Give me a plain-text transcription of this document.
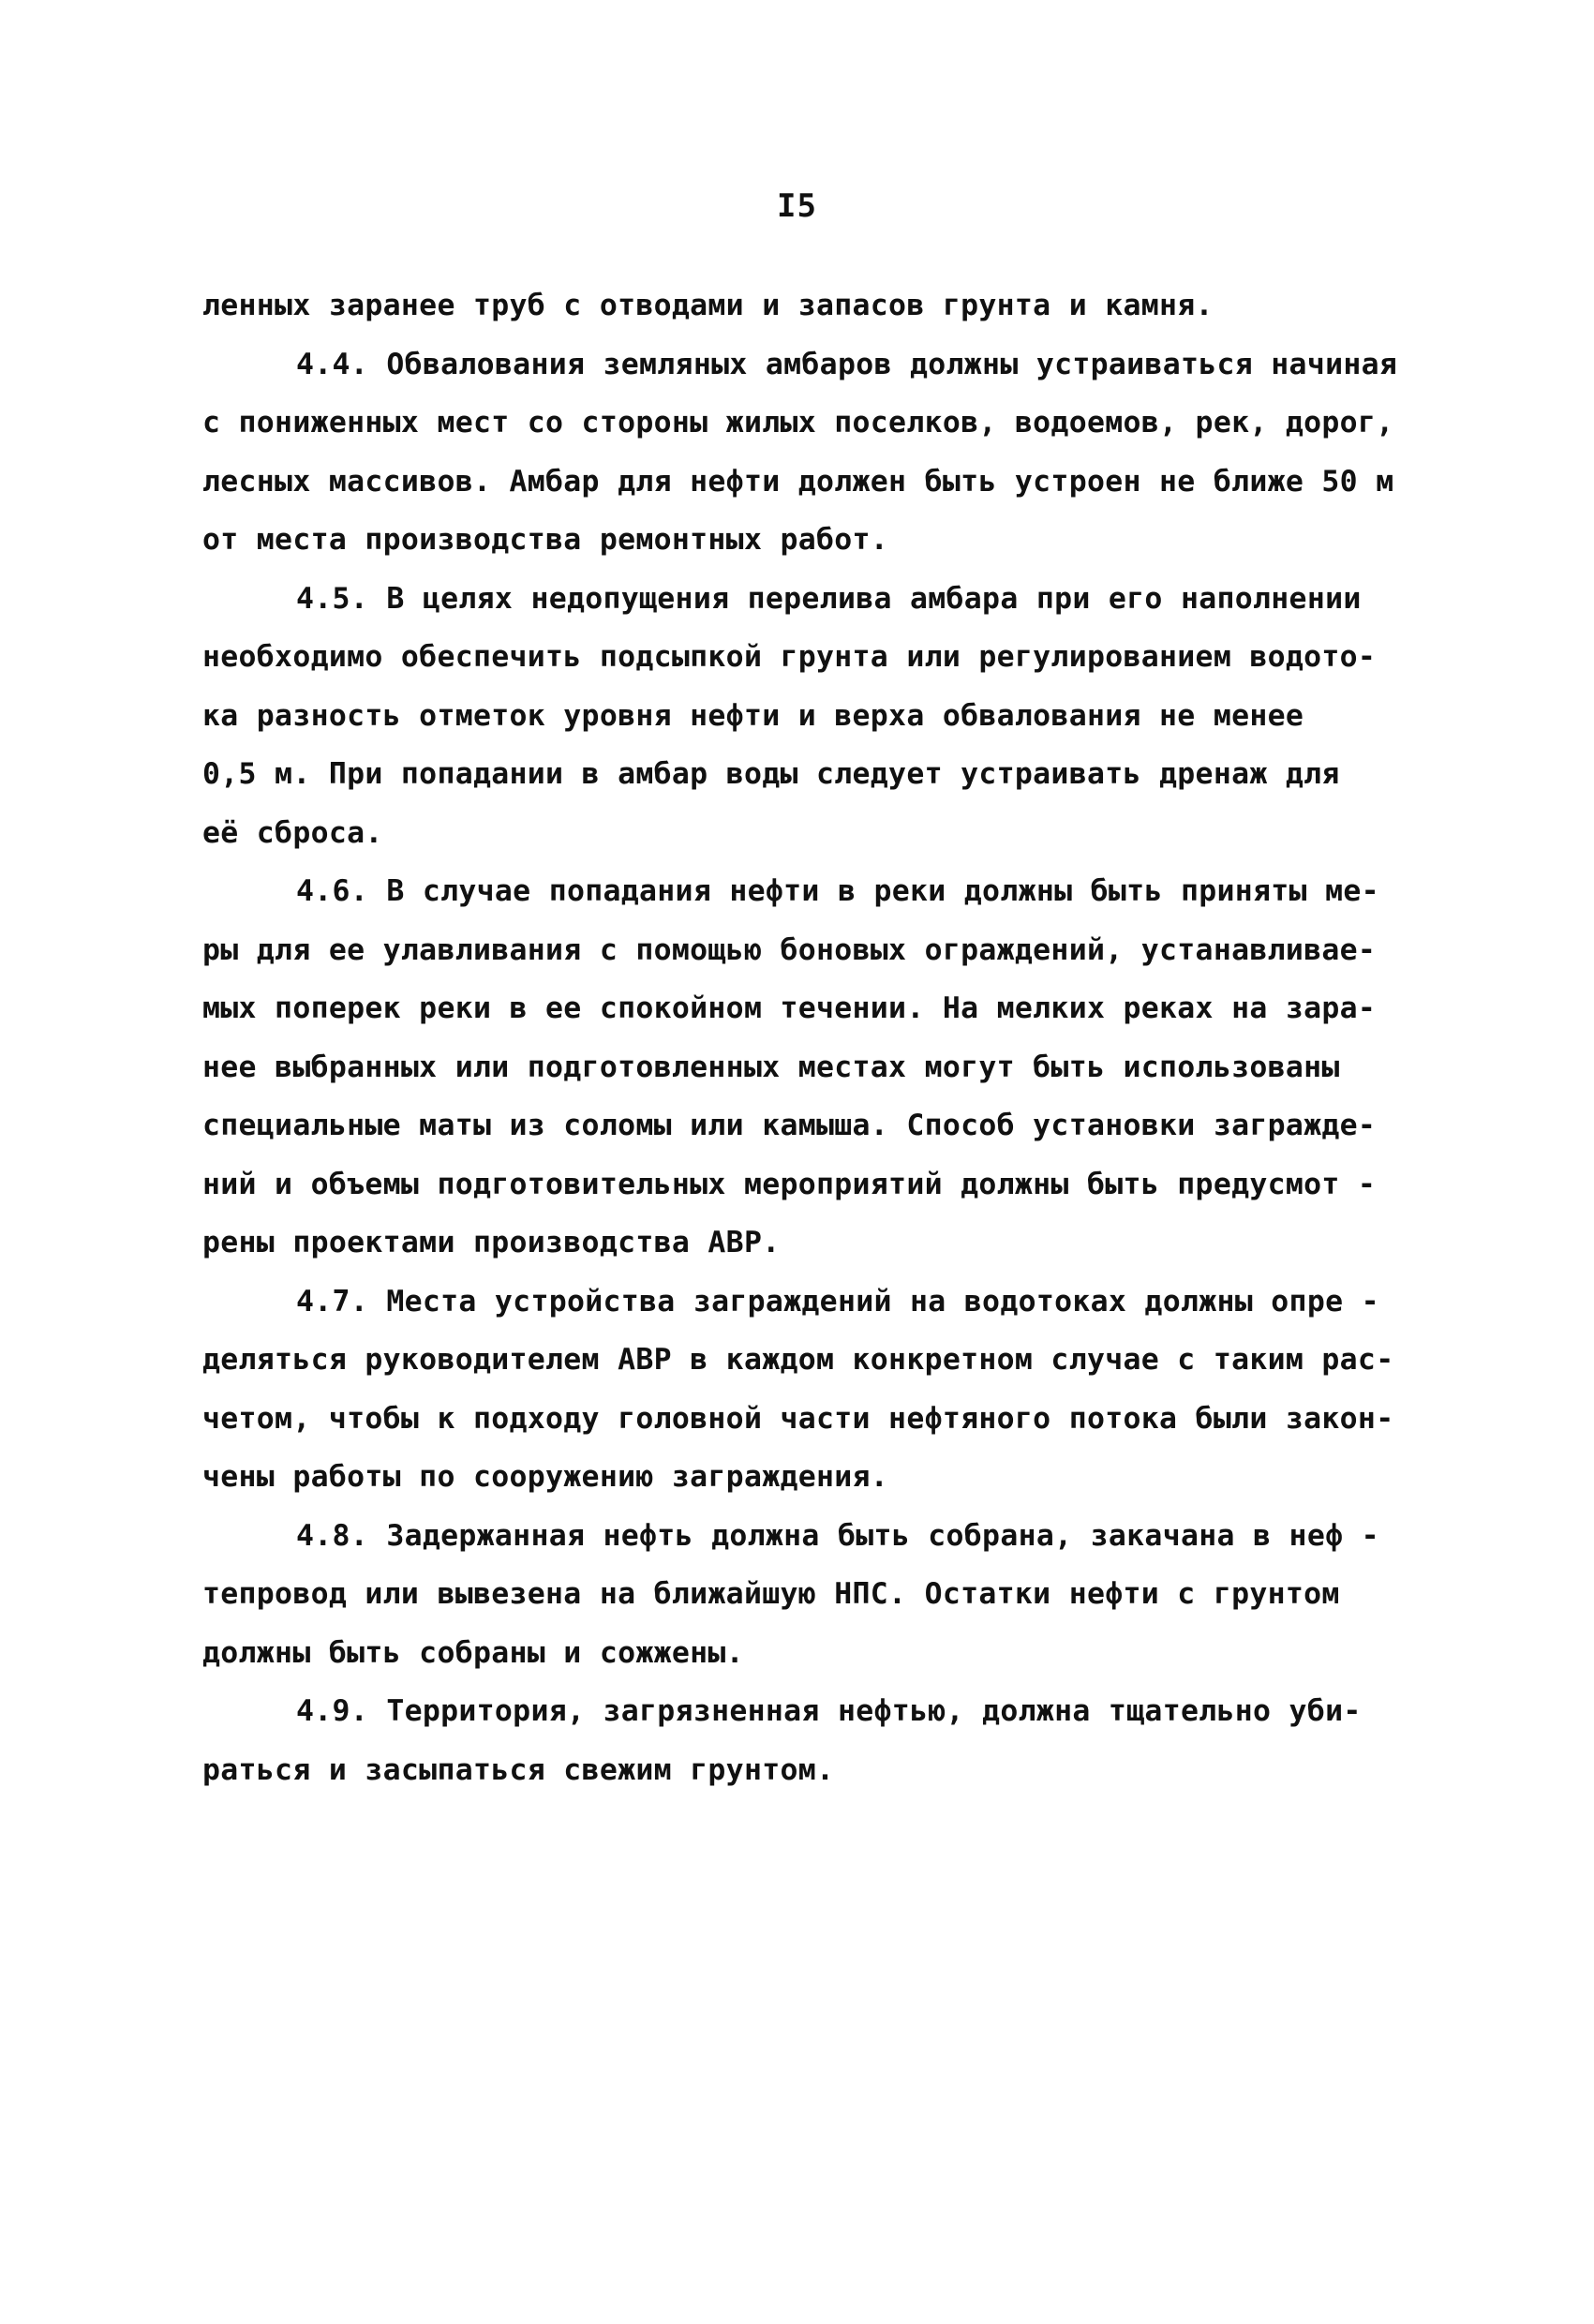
I5
ленных заранее труб с отводами и запасов грунта и камня.
4.4. Обвалования земляных амбаров должны устраиваться начиная
с пониженных мест со стороны жилых поселков, водоемов, рек, дорог,
лесных массивов. Амбар для нефти должен быть устроен не ближе 50 м
от места производства ремонтных работ.
4.5. В целях недопущения перелива амбара при его наполнении
необходимо обеспечить подсыпкой грунта или регулированием водото-
ка разность отметок уровня нефти и верха обвалования не менее
0,5 м. При попадании в амбар воды следует устраивать дренаж для
её сброса.
4.6. В случае попадания нефти в реки должны быть приняты ме-
ры для ее улавливания с помощью боновых ограждений, устанавливае-
мых поперек реки в ее спокойном течении. На мелких реках на зара-
нее выбранных или подготовленных местах могут быть использованы
специальные маты из соломы или камыша. Способ установки загражде-
ний и объемы подготовительных мероприятий должны быть предусмот -
рены проектами производства АВР.
4.7. Места устройства заграждений на водотоках должны опре -
деляться руководителем АВР в каждом конкретном случае с таким рас-
четом, чтобы к подходу головной части нефтяного потока были закон-
чены работы по сооружению заграждения.
4.8. Задержанная нефть должна быть собрана, закачана в неф -
тепровод или вывезена на ближайшую НПС. Остатки нефти с грунтом
должны быть собраны и сожжены.
4.9. Территория, загрязненная нефтью, должна тщательно уби-
раться и засыпаться свежим грунтом.
